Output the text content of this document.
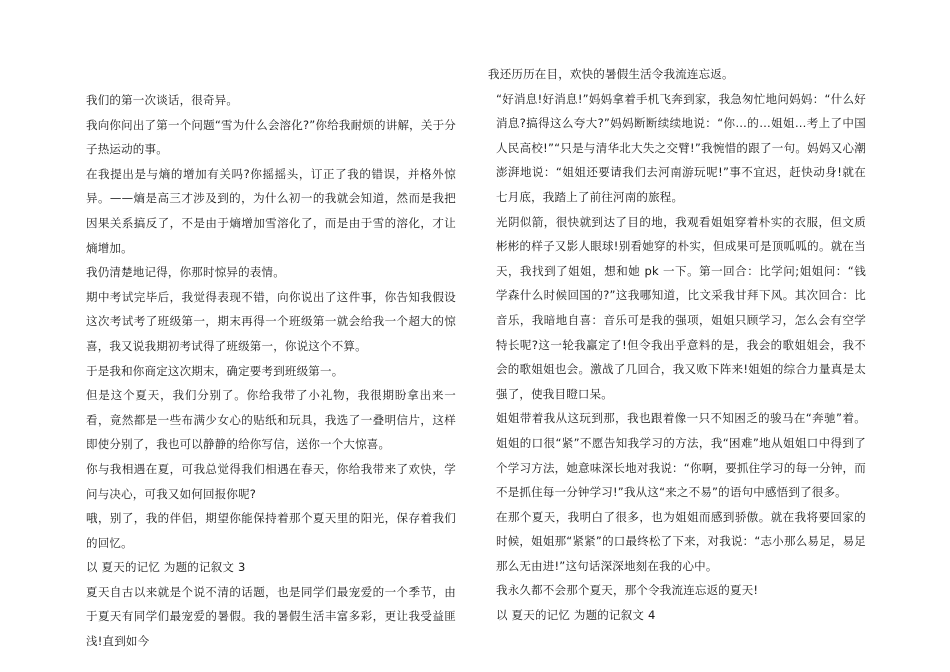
我们的第一次谈话，很奇异。

我向你问出了第一个问题“雪为什么会溶化?”你给我耐烦的讲解，关于分子热运动的事。

在我提出是与熵的增加有关吗?你摇摇头，订正了我的错误，并格外惊异。——熵是高三才涉及到的，为什么初一的我就会知道，然而是我把因果关系搞反了，不是由于熵增加雪溶化了，而是由于雪的溶化，才让熵增加。

我仍清楚地记得，你那时惊异的表情。

期中考试完毕后，我觉得表现不错，向你说出了这件事，你告知我假设这次考试考了班级第一，期末再得一个班级第一就会给我一个超大的惊喜，我又说我期初考试得了班级第一，你说这个不算。

于是我和你商定这次期末，确定要考到班级第一。

但是这个夏天，我们分别了。你给我带了小礼物，我很期盼拿出来一看，竟然都是一些布满少女心的贴纸和玩具，我选了一叠明信片，这样即使分别了，我也可以静静的给你写信，送你一个大惊喜。

你与我相遇在夏，可我总觉得我们相遇在春天，你给我带来了欢快，学问与决心，可我又如何回报你呢?

哦，别了，我的伴侣，期望你能保持着那个夏天里的阳光，保存着我们的回忆。

以 夏天的记忆 为题的记叙文 3

夏天自古以来就是个说不清的话题，也是同学们最宠爱的一个季节，由于夏天有同学们最宠爱的暑假。我的暑假生活丰富多彩，更让我受益匪浅!直到如今

我还历历在目，欢快的暑假生活令我流连忘返。

“好消息!好消息!”妈妈拿着手机飞奔到家，我急匆忙地问妈妈：“什么好消息?搞得这么夸大?”妈妈断断续续地说：“你…的…姐姐…考上了中国人民高校!”“只是与清华北大失之交臂!”我惋惜的跟了一句。妈妈又心潮澎湃地说：“姐姐还要请我们去河南游玩呢!”事不宜迟，赶快动身!就在七月底，我踏上了前往河南的旅程。

光阴似箭，很快就到达了目的地，我观看姐姐穿着朴实的衣服，但文质彬彬的样子又影人眼球!别看她穿的朴实，但成果可是顶呱呱的。就在当天，我找到了姐姐，想和她 pk 一下。第一回合：比学问;姐姐问：“钱学森什么时候回国的?”这我哪知道，比文采我甘拜下风。其次回合：比音乐，我暗地自喜：音乐可是我的强项，姐姐只顾学习，怎么会有空学特长呢?这一轮我赢定了!但令我出乎意料的是，我会的歌姐姐会，我不会的歌姐姐也会。激战了几回合，我又败下阵来!姐姐的综合力量真是太强了，使我目瞪口呆。

姐姐带着我从这玩到那，我也跟着像一只不知困乏的骏马在“奔驰”着。姐姐的口很“紧”不愿告知我学习的方法，我“困难”地从姐姐口中得到了个学习方法，她意味深长地对我说：“你啊，要抓住学习的每一分钟，而不是抓住每一分钟学习!”我从这“来之不易”的语句中感悟到了很多。

在那个夏天，我明白了很多，也为姐姐而感到骄傲。就在我将要回家的时候，姐姐那“紧紧”的口最终松了下来，对我说：“志小那么易足，易足那么无由进!”这句话深深地刻在我的心中。

我永久都不会那个夏天，那个令我流连忘返的夏天!

以 夏天的记忆 为题的记叙文 4
